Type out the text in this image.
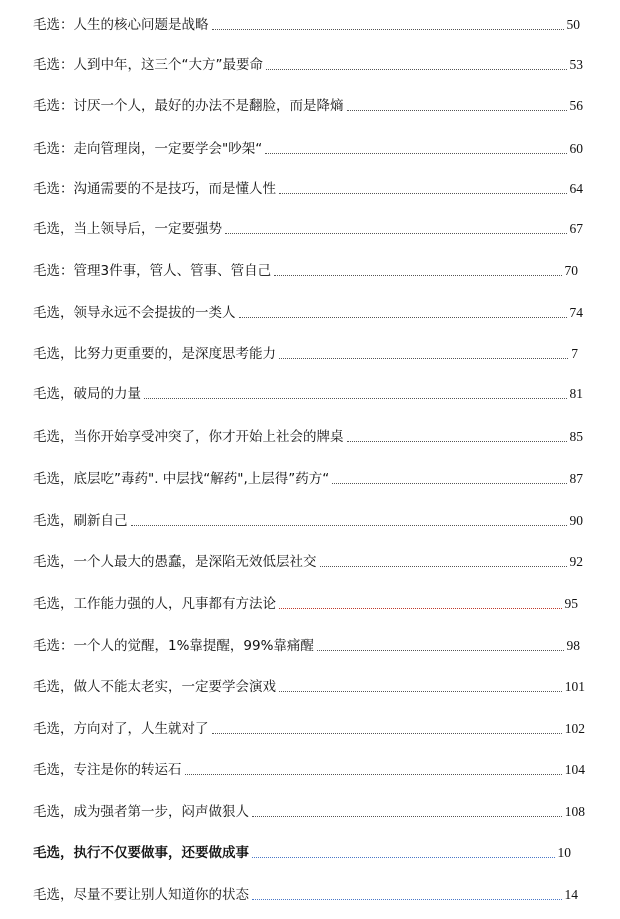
毛选：人生的核心问题是战略	50
毛选：人到中年，这三个“大方”最要命	53
毛选：讨厌一个人，最好的办法不是翻脸，而是降熵	56
毛选：走向管理岗，一定要学会"吵架“	60
毛选：沟通需要的不是技巧，而是懂人性	64
毛选，当上领导后，一定要强势	67
毛选：管理3件事，管人、管事、管自己	70
毛选，领导永远不会提拔的一类人	74
毛选，比努力更重要的，是深度思考能力	7
毛选，破局的力量	81
毛选，当你开始享受冲突了，你才开始上社会的牌桌	85
毛选，底层吃”毒药". 中层找“解药",上层得”药方“	87
毛选，刷新自己	90
毛选，一个人最大的愚蠢，是深陷无效低层社交	92
毛选，工作能力强的人，凡事都有方法论	95
毛选：一个人的觉醒，1%靠提醒，99%靠痛醒	98
毛选，做人不能太老实，一定要学会演戏	101
毛选，方向对了，人生就对了	102
毛选，专注是你的转运石	104
毛选，成为强者第一步，闷声做狠人	108
毛选，执行不仅要做事，还要做成事	10
毛选，尽量不要让别人知道你的状态	14
